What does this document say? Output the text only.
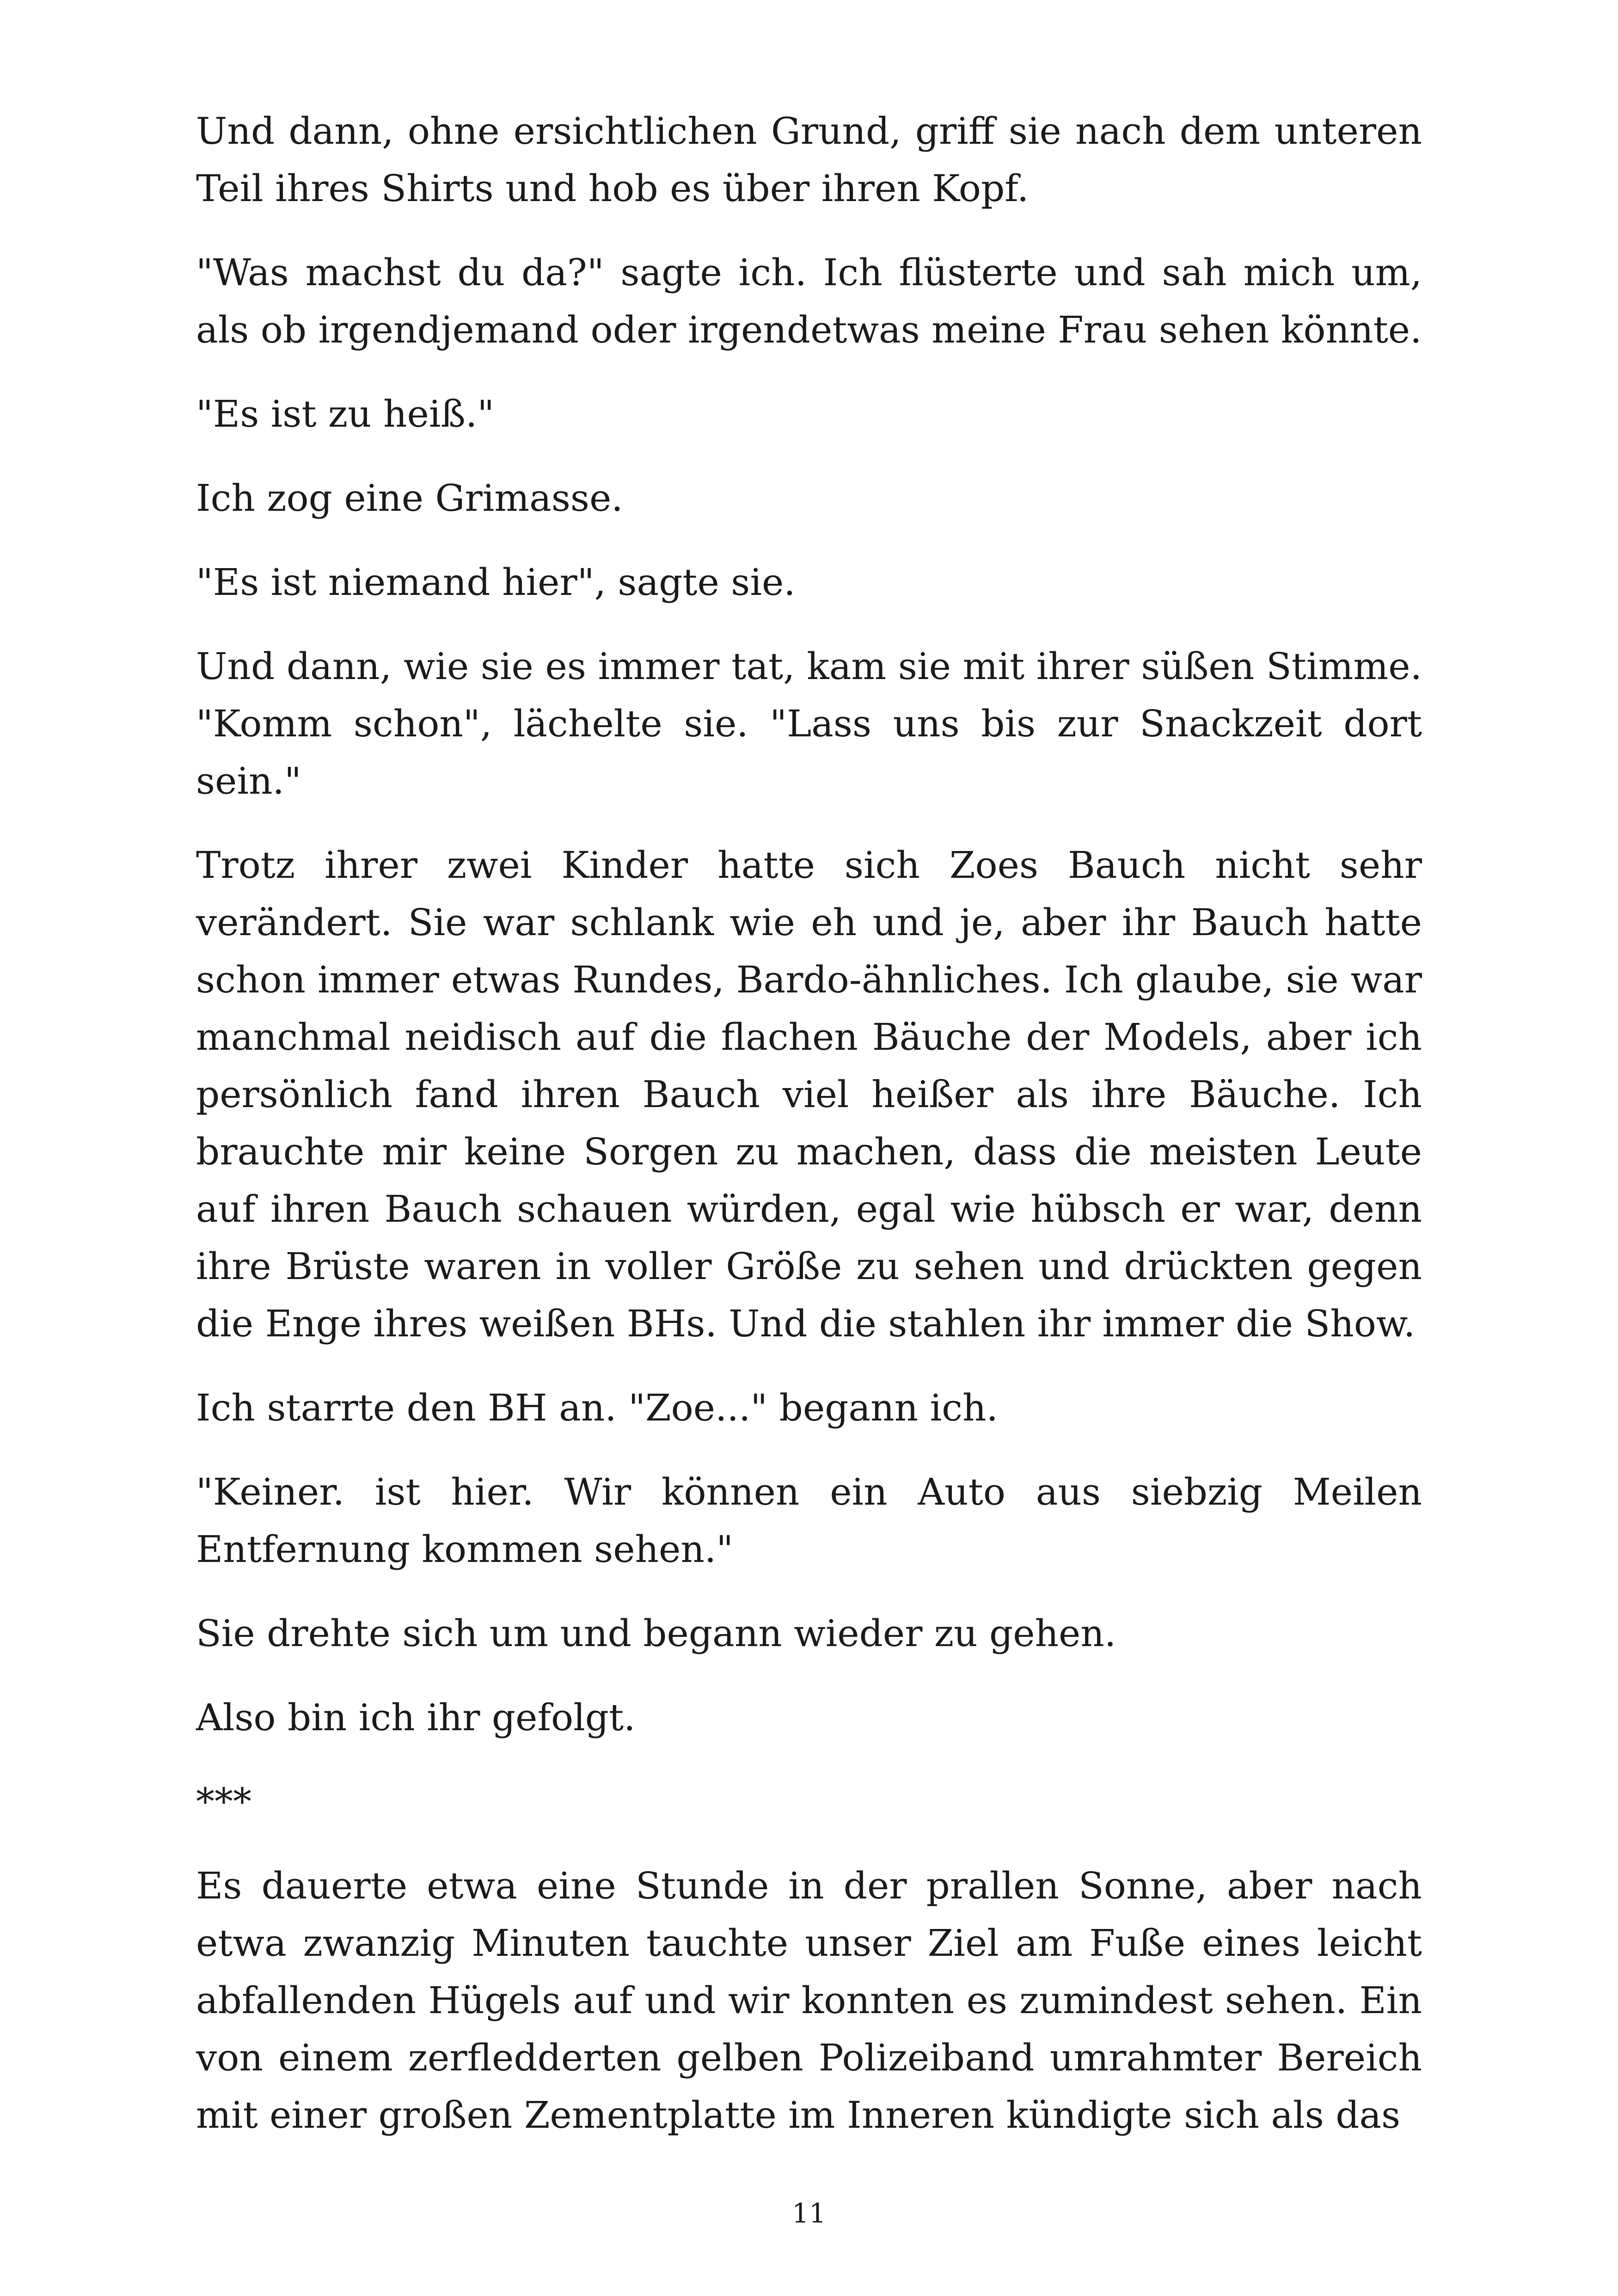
Und dann, ohne ersichtlichen Grund, griff sie nach dem unteren Teil ihres Shirts und hob es über ihren Kopf.

"Was machst du da?" sagte ich. Ich flüsterte und sah mich um, als ob irgendjemand oder irgendetwas meine Frau sehen könnte.

"Es ist zu heiß."

Ich zog eine Grimasse.

"Es ist niemand hier", sagte sie.

Und dann, wie sie es immer tat, kam sie mit ihrer süßen Stimme. "Komm schon", lächelte sie. "Lass uns bis zur Snackzeit dort sein."

Trotz ihrer zwei Kinder hatte sich Zoes Bauch nicht sehr verändert. Sie war schlank wie eh und je, aber ihr Bauch hatte schon immer etwas Rundes, Bardo-ähnliches. Ich glaube, sie war manchmal neidisch auf die flachen Bäuche der Models, aber ich persönlich fand ihren Bauch viel heißer als ihre Bäuche. Ich brauchte mir keine Sorgen zu machen, dass die meisten Leute auf ihren Bauch schauen würden, egal wie hübsch er war, denn ihre Brüste waren in voller Größe zu sehen und drückten gegen die Enge ihres weißen BHs. Und die stahlen ihr immer die Show.

Ich starrte den BH an. "Zoe..." begann ich.

"Keiner. ist hier. Wir können ein Auto aus siebzig Meilen Entfernung kommen sehen."

Sie drehte sich um und begann wieder zu gehen.

Also bin ich ihr gefolgt.

***

Es dauerte etwa eine Stunde in der prallen Sonne, aber nach etwa zwanzig Minuten tauchte unser Ziel am Fuße eines leicht abfallenden Hügels auf und wir konnten es zumindest sehen. Ein von einem zerfledderten gelben Polizeiband umrahmter Bereich mit einer großen Zementplatte im Inneren kündigte sich als das

11
